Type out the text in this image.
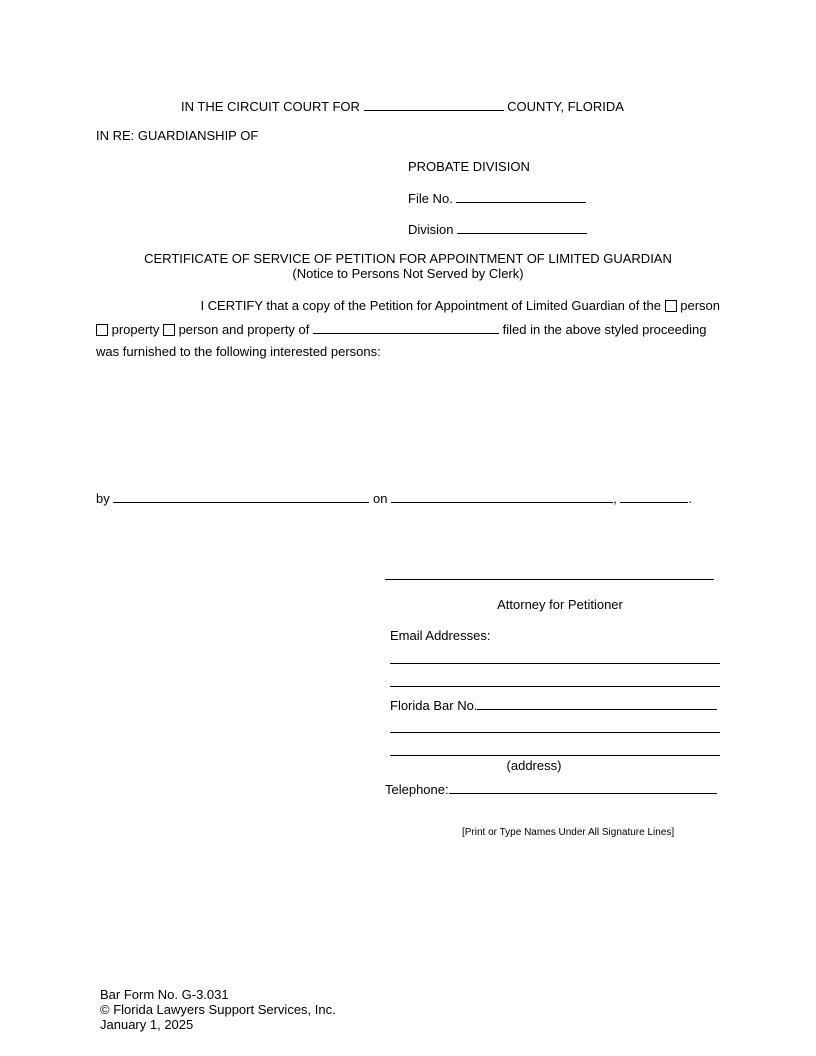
IN THE CIRCUIT COURT FOR	COUNTY, FLORIDA
IN RE: GUARDIANSHIP OF
PROBATE DIVISION
File No.
Division
CERTIFICATE OF SERVICE OF PETITION FOR APPOINTMENT OF LIMITED GUARDIAN
(Notice to Persons Not Served by Clerk)
I CERTIFY that a copy of the Petition for Appointment of Limited Guardian of the person
property person and property of	filed in the above styled proceeding
was furnished to the following interested persons:
by	on	,	.
Attorney for Petitioner
Email Addresses:
Florida Bar No.
(address)
Telephone:
[Print or Type Names Under All Signature Lines]
Bar Form No. G-3.031
© Florida Lawyers Support Services, Inc.
January 1, 2025
